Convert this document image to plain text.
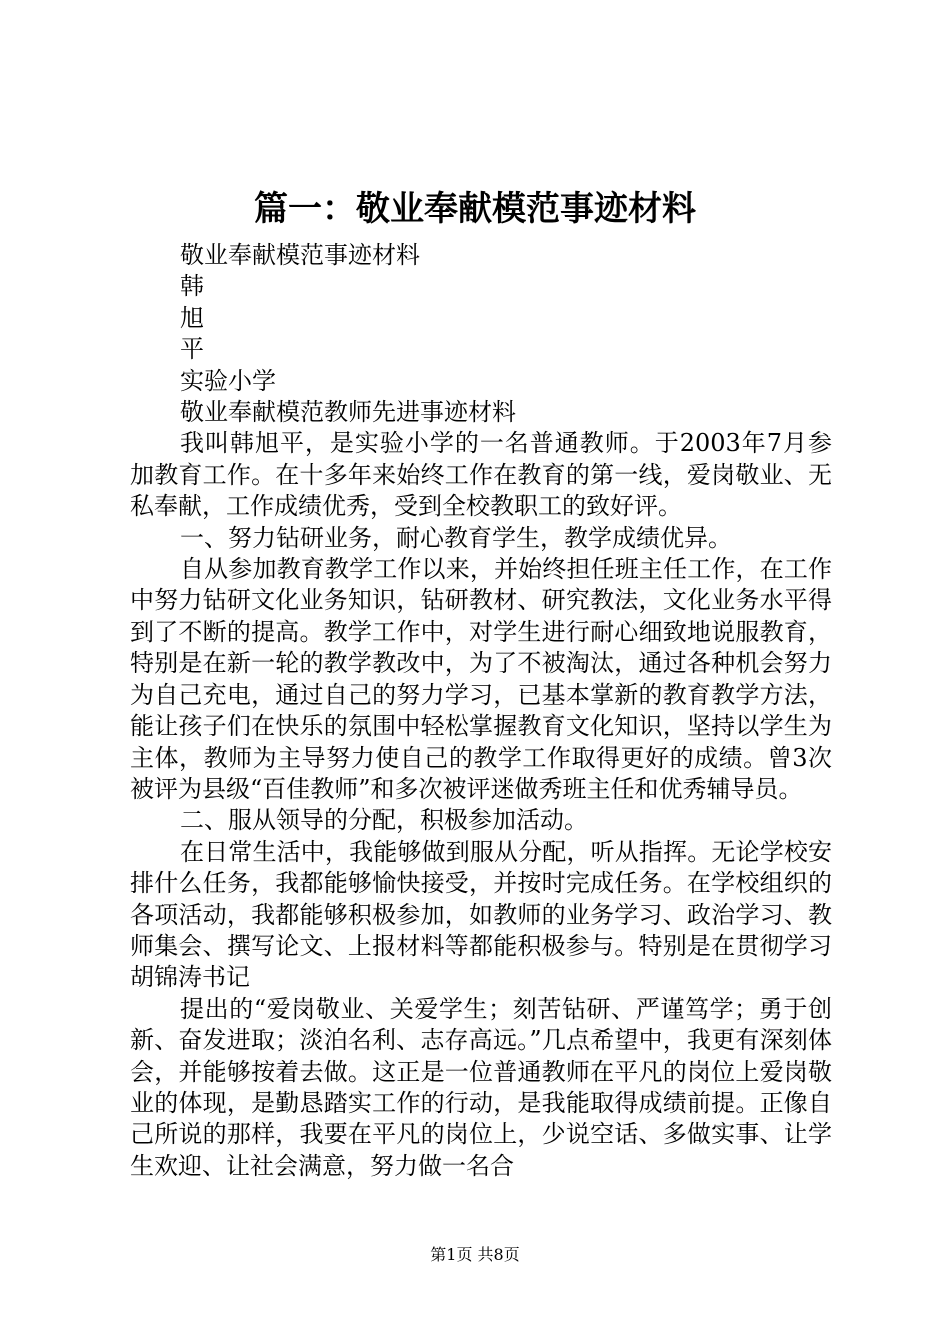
篇一：敬业奉献模范事迹材料

敬业奉献模范事迹材料

韩

旭

平

实验小学

敬业奉献模范教师先进事迹材料

我叫韩旭平，是实验小学的一名普通教师。于2003年7月参加教育工作。在十多年来始终工作在教育的第一线，爱岗敬业、无私奉献，工作成绩优秀，受到全校教职工的致好评。

一、努力钻研业务，耐心教育学生，教学成绩优异。

自从参加教育教学工作以来，并始终担任班主任工作，在工作中努力钻研文化业务知识，钻研教材、研究教法，文化业务水平得到了不断的提高。教学工作中，对学生进行耐心细致地说服教育，特别是在新一轮的教学教改中，为了不被淘汰，通过各种机会努力为自己充电，通过自己的努力学习，已基本掌新的教育教学方法，能让孩子们在快乐的氛围中轻松掌握教育文化知识，坚持以学生为主体，教师为主导努力使自己的教学工作取得更好的成绩。曾3次被评为县级“百佳教师”和多次被评迷做秀班主任和优秀辅导员。

二、服从领导的分配，积极参加活动。

在日常生活中，我能够做到服从分配，听从指挥。无论学校安排什么任务，我都能够愉快接受，并按时完成任务。在学校组织的各项活动，我都能够积极参加，如教师的业务学习、政治学习、教师集会、撰写论文、上报材料等都能积极参与。特别是在贯彻学习胡锦涛书记

提出的“爱岗敬业、关爱学生；刻苦钻研、严谨笃学；勇于创新、奋发进取；淡泊名利、志存高远。”几点希望中，我更有深刻体会，并能够按着去做。这正是一位普通教师在平凡的岗位上爱岗敬业的体现，是勤恳踏实工作的行动，是我能取得成绩前提。正像自己所说的那样，我要在平凡的岗位上，少说空话、多做实事、让学生欢迎、让社会满意，努力做一名合

第1页 共8页
